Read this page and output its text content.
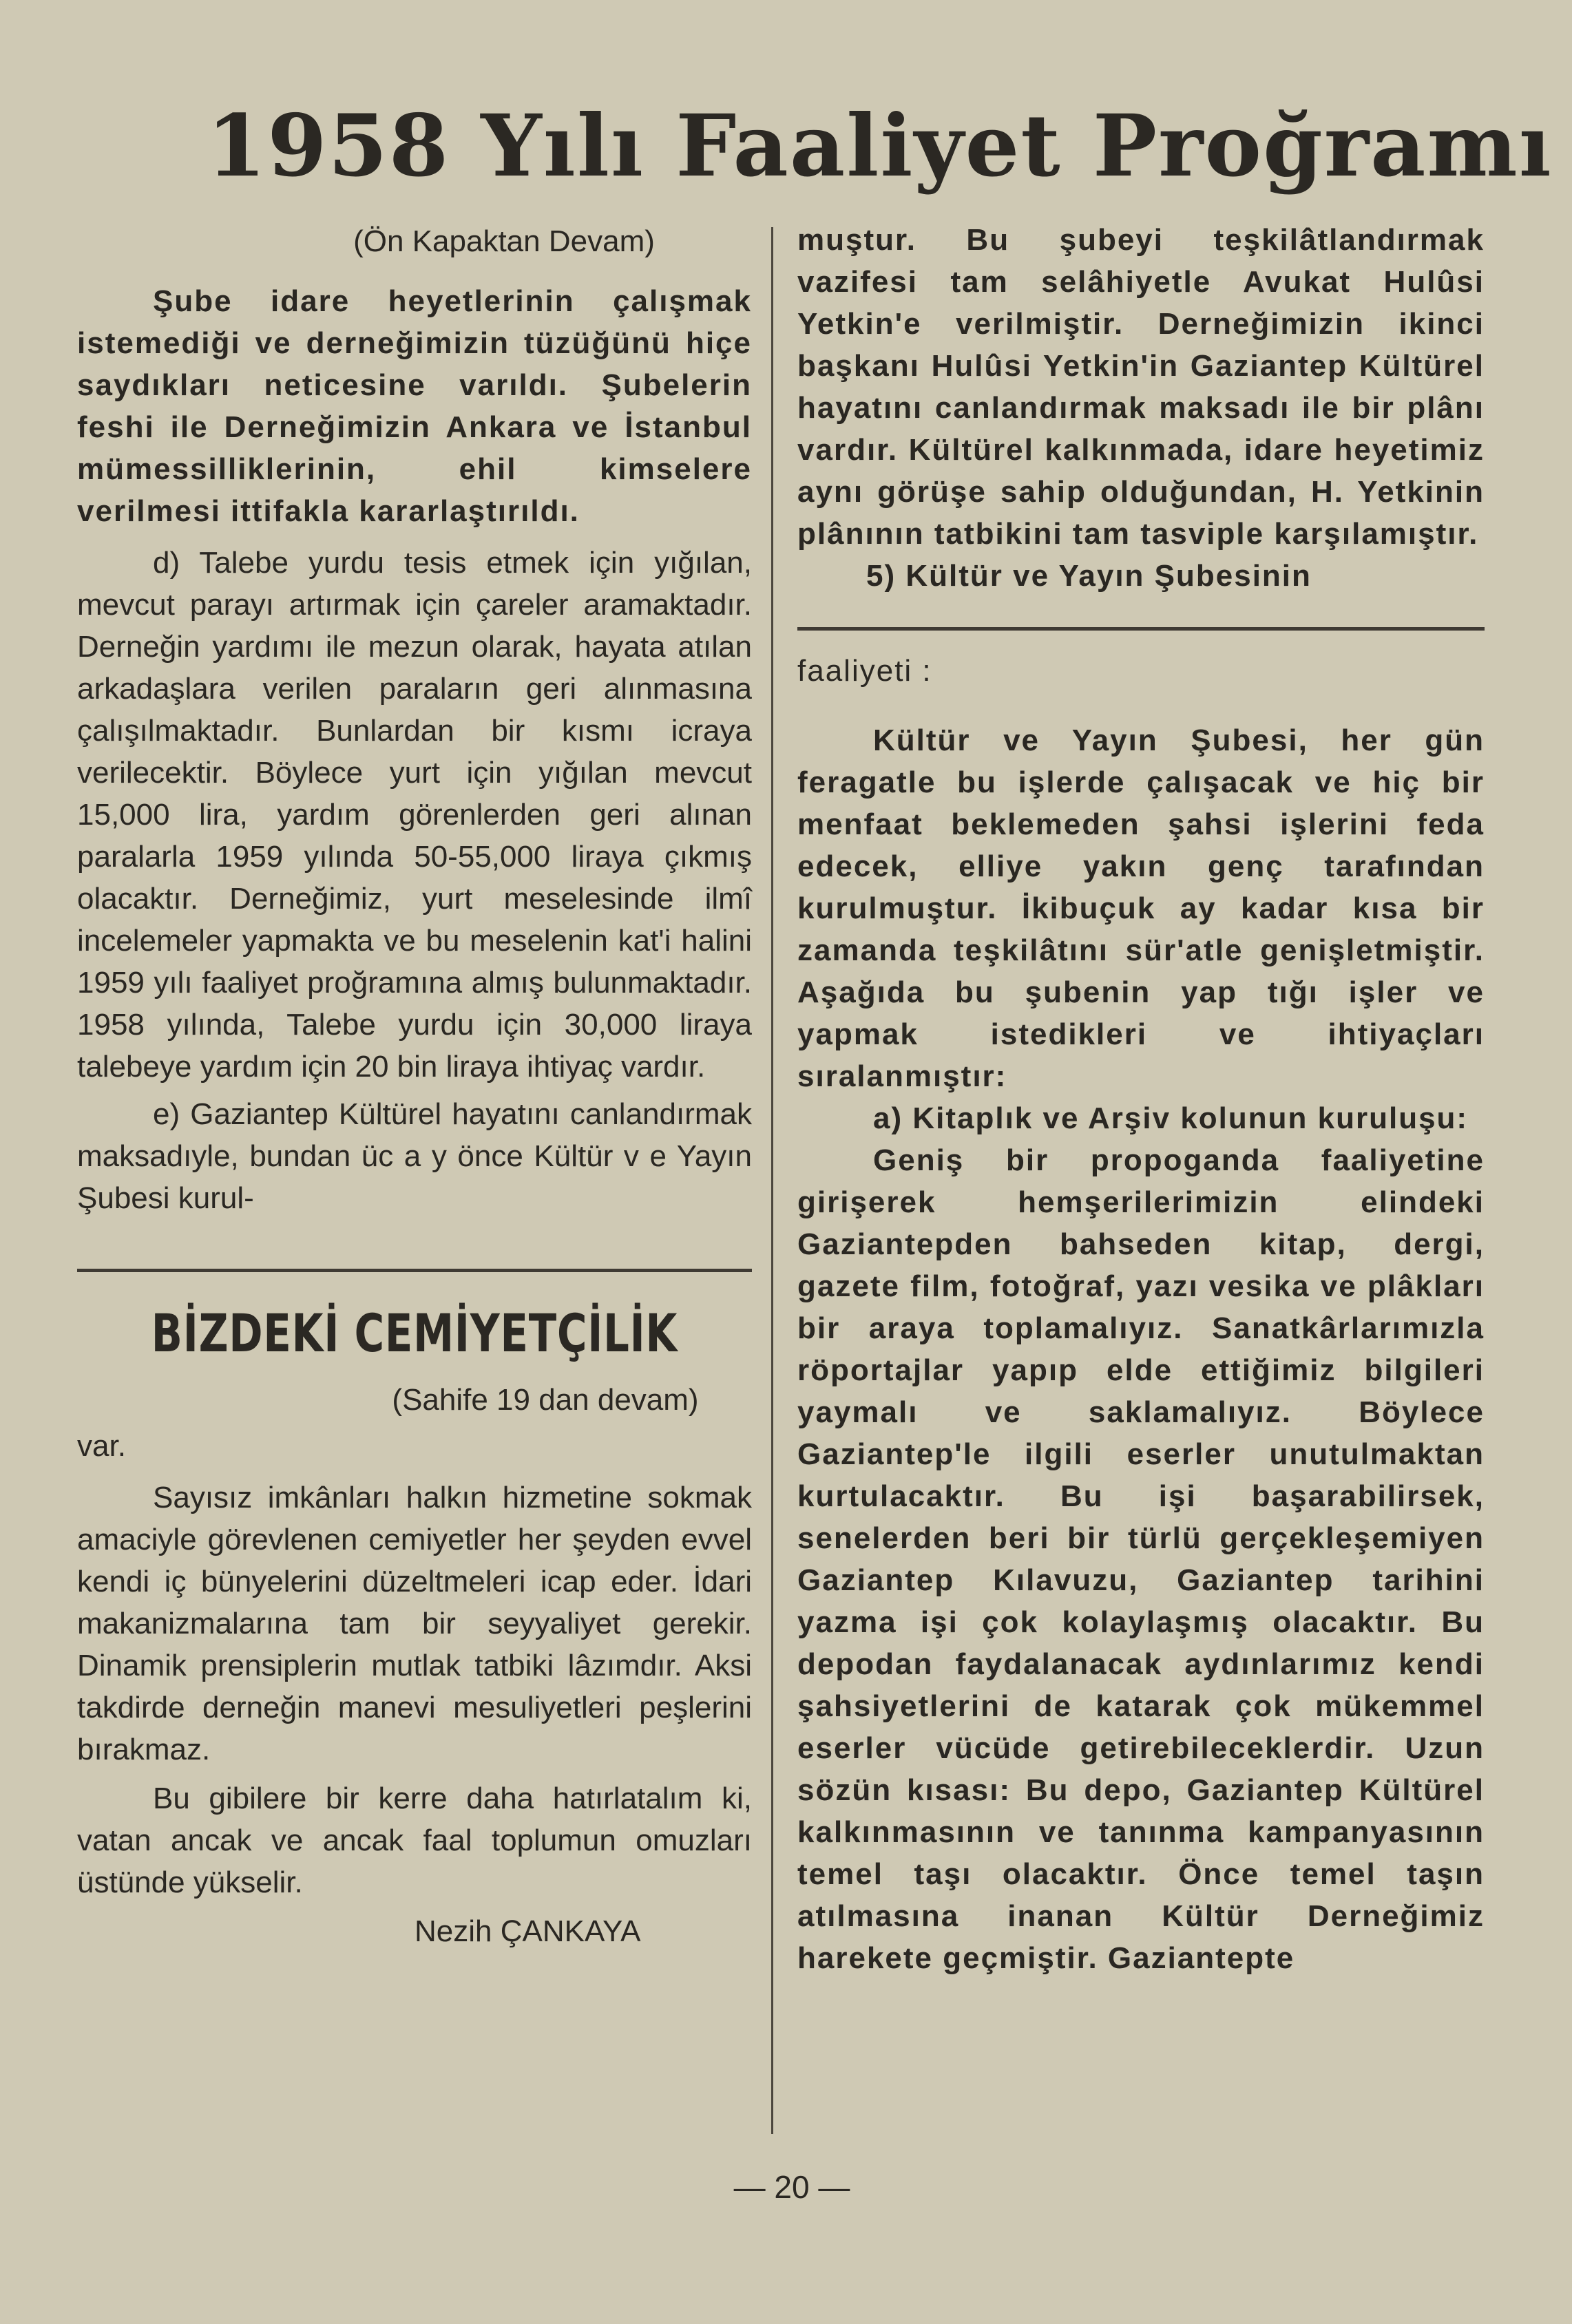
1958 Yılı Faaliyet Proğramı

(Ön Kapaktan Devam)

Şube idare heyetlerinin çalışmak istemediği ve derneğimizin tüzüğünü hiçe saydıkları neticesine varıldı. Şubelerin feshi ile Derneğimizin Ankara ve İstanbul mümessilliklerinin, ehil kimselere verilmesi ittifakla kararlaştırıldı.

d) Talebe yurdu tesis etmek için yığılan, mevcut parayı artırmak için çareler aramaktadır. Derneğin yardımı ile mezun olarak, hayata atılan arkadaşlara verilen paraların geri alınmasına çalışılmaktadır. Bunlardan bir kısmı icraya verilecektir. Böylece yurt için yığılan mevcut 15,000 lira, yardım görenlerden geri alınan paralarla 1959 yılında 50-55,000 liraya çıkmış olacaktır. Derneğimiz, yurt meselesinde ilmî incelemeler yapmakta ve bu meselenin kat'i halini 1959 yılı faaliyet proğramına almış bulunmaktadır. 1958 yılında, Talebe yurdu için 30,000 liraya talebeye yardım için 20 bin liraya ihtiyaç vardır.

e) Gaziantep Kültürel hayatını canlandırmak maksadıyle, bundan üc a y önce Kültür v e Yayın Şubesi kurul-

BİZDEKİ CEMİYETÇİLİK

(Sahife 19 dan devam)

var.

Sayısız imkânları halkın hizmetine sokmak amaciyle görevlenen cemiyetler her şeyden evvel kendi iç bünyelerini düzeltmeleri icap eder. İdari makanizmalarına tam bir seyyaliyet gerekir. Dinamik prensiplerin mutlak tatbiki lâzımdır. Aksi takdirde derneğin manevi mesuliyetleri peşlerini bırakmaz.

Bu gibilere bir kerre daha hatırlatalım ki, vatan ancak ve ancak faal toplumun omuzları üstünde yükselir.

Nezih ÇANKAYA

muştur. Bu şubeyi teşkilâtlandırmak vazifesi tam selâhiyetle Avukat Hulûsi Yetkin'e verilmiştir. Derneğimizin ikinci başkanı Hulûsi Yetkin'in Gaziantep Kültürel hayatını canlandırmak maksadı ile bir plânı vardır. Kültürel kalkınmada, idare heyetimiz aynı görüşe sahip olduğundan, H. Yetkinin plânının tatbikini tam tasviple karşılamıştır.

5) Kültür ve Yayın Şubesinin

faaliyeti :

Kültür ve Yayın Şubesi, her gün feragatle bu işlerde çalışacak ve hiç bir menfaat beklemeden şahsi işlerini feda edecek, elliye yakın genç tarafından kurulmuştur. İkibuçuk ay kadar kısa bir zamanda teşkilâtını sür'atle genişletmiştir. Aşağıda bu şubenin yap tığı işler ve yapmak istedikleri ve ihtiyaçları sıralanmıştır:

a) Kitaplık ve Arşiv kolunun kuruluşu:

Geniş bir propoganda faaliyetine girişerek hemşerilerimizin elindeki Gaziantepden bahseden kitap, dergi, gazete film, fotoğraf, yazı vesika ve plâkları bir araya toplamalıyız. Sanatkârlarımızla röportajlar yapıp elde ettiğimiz bilgileri yaymalı ve saklamalıyız. Böylece Gaziantep'le ilgili eserler unutulmaktan kurtulacaktır. Bu işi başarabilirsek, senelerden beri bir türlü gerçekleşemiyen Gaziantep Kılavuzu, Gaziantep tarihini yazma işi çok kolaylaşmış olacaktır. Bu depodan faydalanacak aydınlarımız kendi şahsiyetlerini de katarak çok mükemmel eserler vücüde getirebileceklerdir. Uzun sözün kısası: Bu depo, Gaziantep Kültürel kalkınmasının ve tanınma kampanyasının temel taşı olacaktır. Önce temel taşın atılmasına inanan Kültür Derneğimiz harekete geçmiştir. Gaziantepte

— 20 —
